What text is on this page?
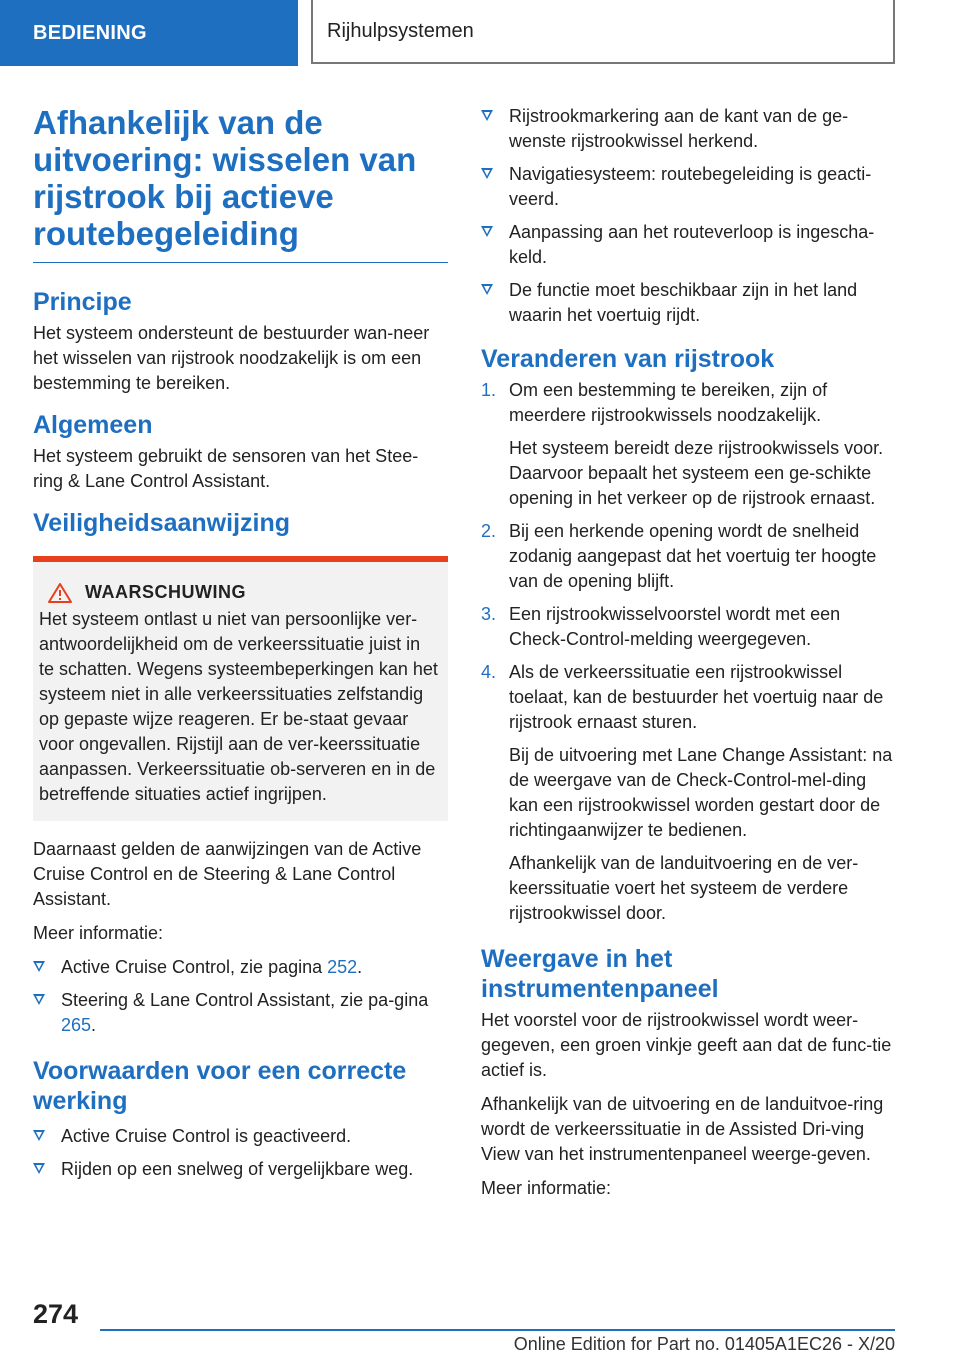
BEDIENING	Rijhulpsystemen
Afhankelijk van de uitvoering: wisselen van rijstrook bij actieve routebegeleiding
Principe

Het systeem ondersteunt de bestuurder wan-neer het wisselen van rijstrook noodzakelijk is om een bestemming te bereiken.

Algemeen

Het systeem gebruikt de sensoren van het Stee-ring & Lane Control Assistant.

Veiligheidsaanwijzing
WAARSCHUWING
Het systeem ontlast u niet van persoonlijke ver-antwoordelijkheid om de verkeerssituatie juist in te schatten. Wegens systeembeperkingen kan het systeem niet in alle verkeerssituaties zelfstandig op gepaste wijze reageren. Er be-staat gevaar voor ongevallen. Rijstijl aan de ver-keerssituatie aanpassen. Verkeerssituatie ob-serveren en in de betreffende situaties actief ingrijpen.

Daarnaast gelden de aanwijzingen van de Active Cruise Control en de Steering & Lane Control Assistant.

Meer informatie:

Active Cruise Control, zie pagina 252.
Steering & Lane Control Assistant, zie pa-gina 265.
Voorwaarden voor een correcte werking
Active Cruise Control is geactiveerd.
Rijden op een snelweg of vergelijkbare weg.
Rijstrookmarkering aan de kant van de ge-wenste rijstrookwissel herkend.
Navigatiesysteem: routebegeleiding is geacti-veerd.
Aanpassing aan het routeverloop is ingescha-keld.
De functie moet beschikbaar zijn in het land waarin het voertuig rijdt.
Veranderen van rijstrook
1. Om een bestemming te bereiken, zijn of meerdere rijstrookwissels noodzakelijk.

Het systeem bereidt deze rijstrookwissels voor. Daarvoor bepaalt het systeem een ge-schikte opening in het verkeer op de rijstrook ernaast.

2. Bij een herkende opening wordt de snelheid zodanig aangepast dat het voertuig ter hoogte van de opening blijft.

3. Een rijstrookwisselvoorstel wordt met een Check-Control-melding weergegeven.

4. Als de verkeerssituatie een rijstrookwissel toelaat, kan de bestuurder het voertuig naar de rijstrook ernaast sturen.

Bij de uitvoering met Lane Change Assistant: na de weergave van de Check-Control-mel-ding kan een rijstrookwissel worden gestart door de richtingaanwijzer te bedienen.

Afhankelijk van de landuitvoering en de ver-keerssituatie voert het systeem de verdere rijstrookwissel door.

Weergave in het instrumentenpaneel

Het voorstel voor de rijstrookwissel wordt weer-gegeven, een groen vinkje geeft aan dat de func-tie actief is.

Afhankelijk van de uitvoering en de landuitvoe-ring wordt de verkeerssituatie in de Assisted Dri-ving View van het instrumentenpaneel weerge-geven.

Meer informatie:

274
Online Edition for Part no. 01405A1EC26 - X/20
